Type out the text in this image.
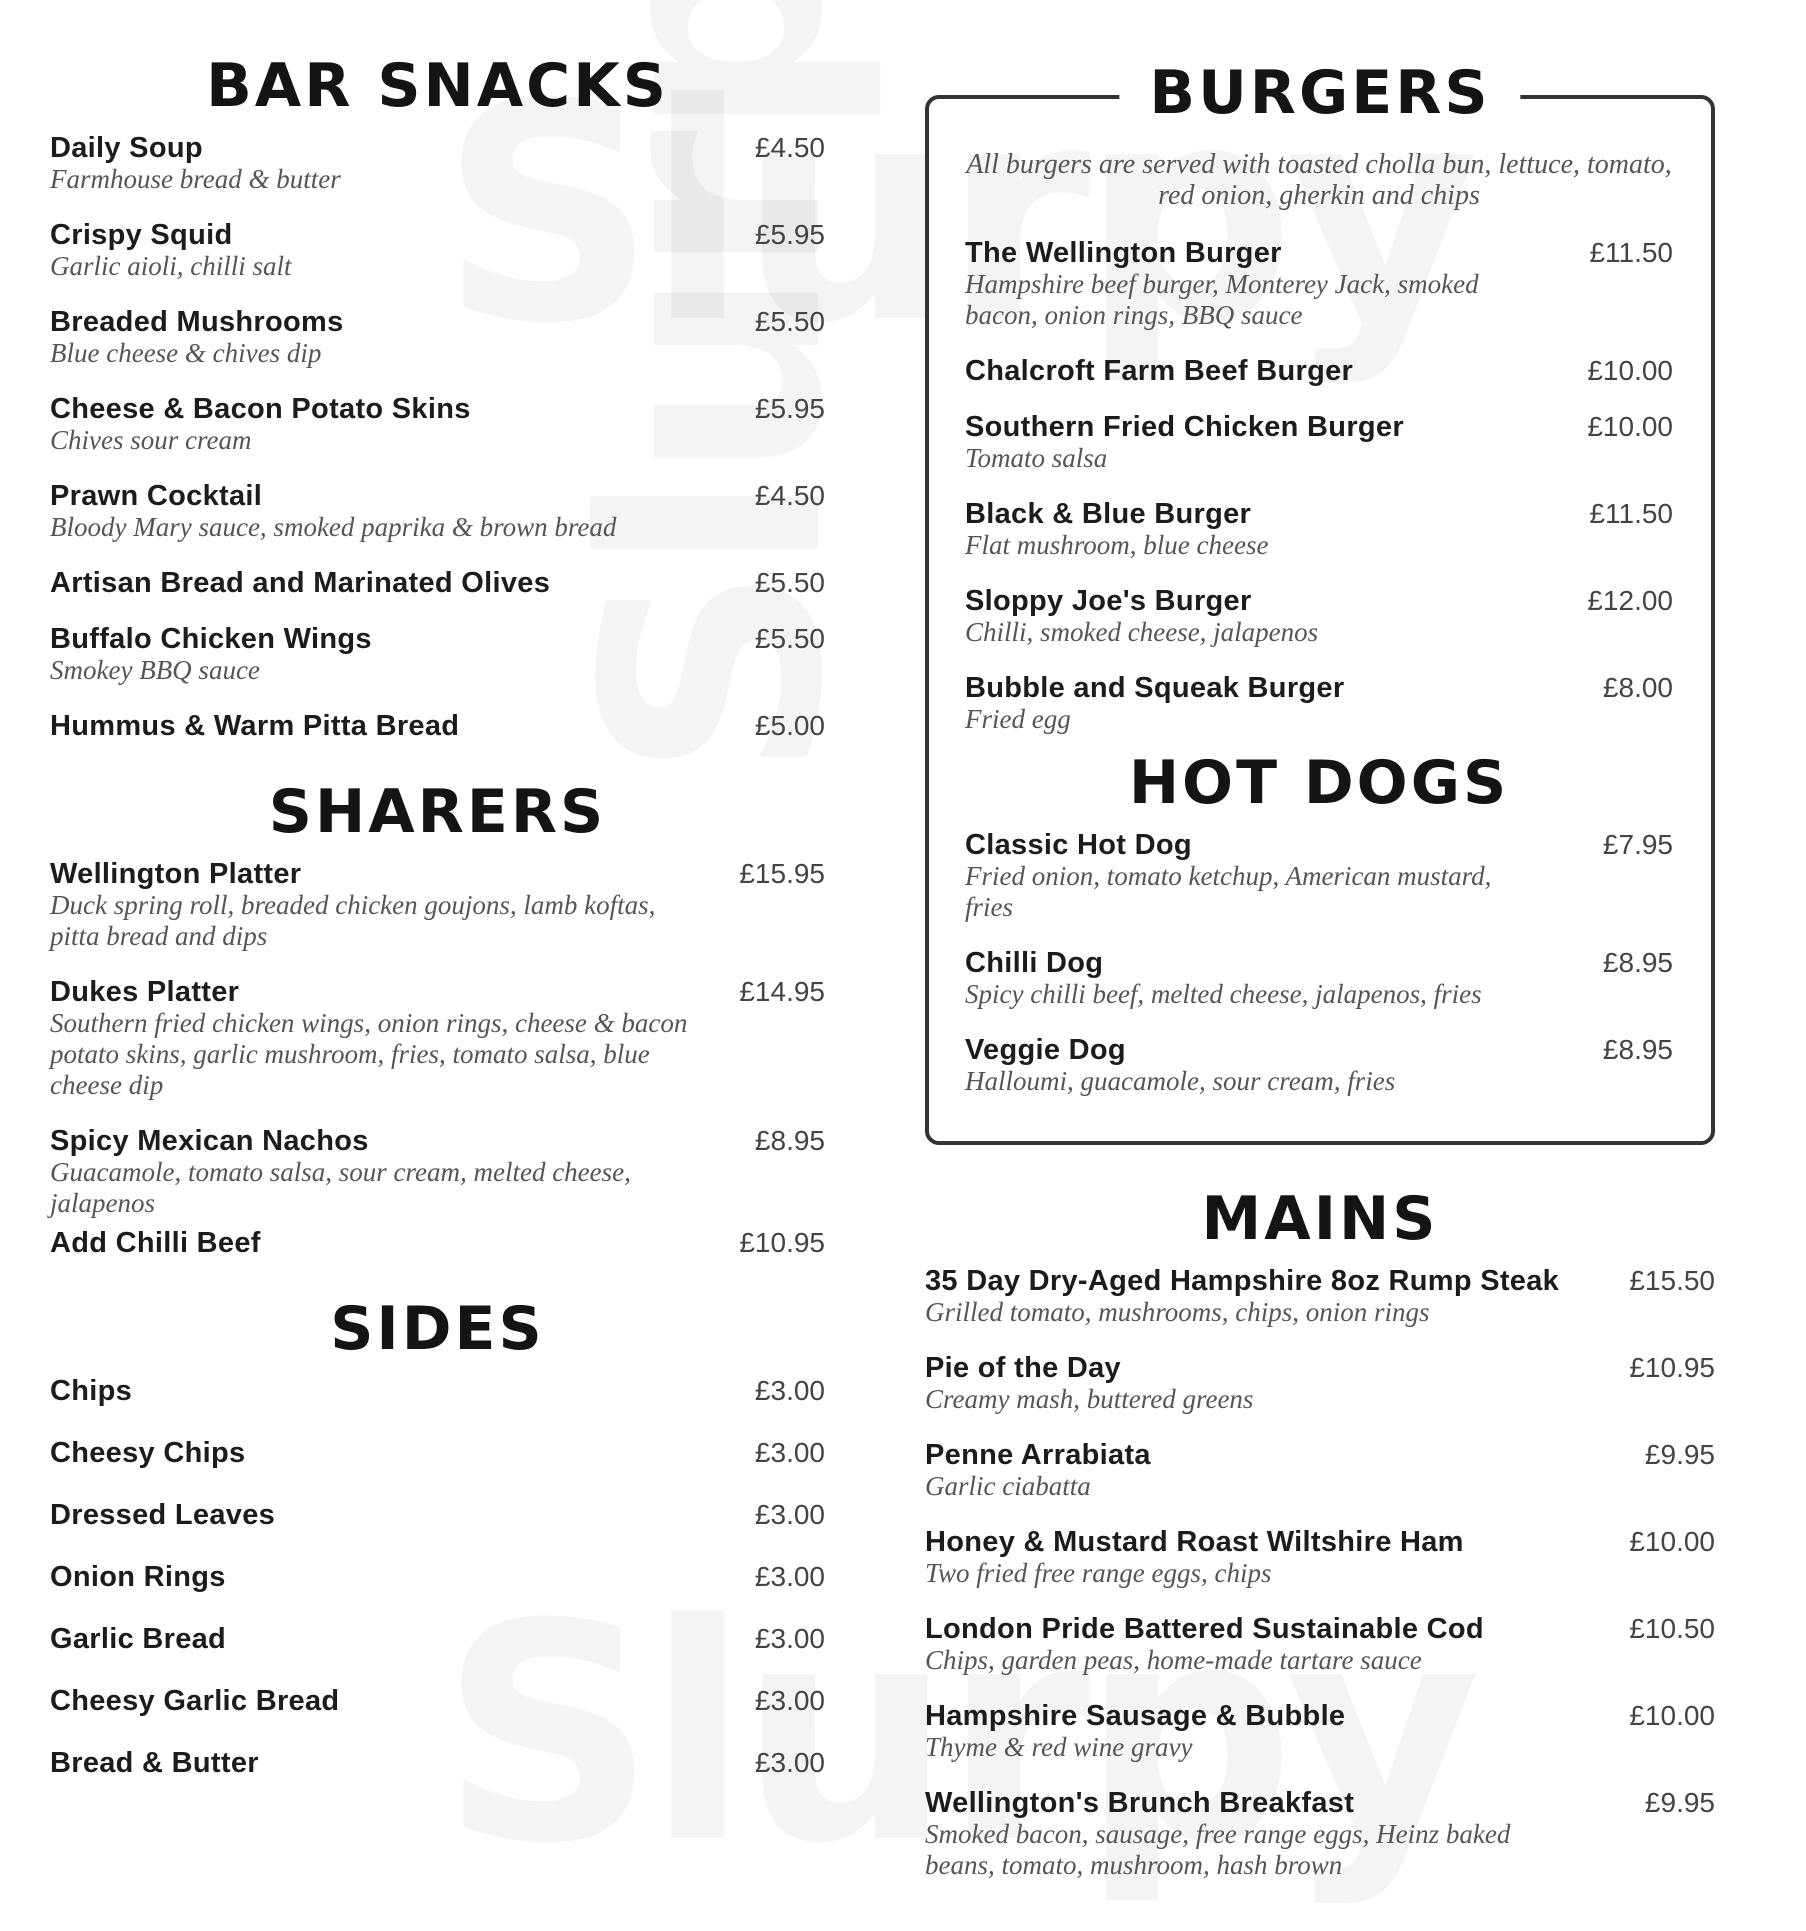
BAR SNACKS
Daily Soup	£4.50
Farmhouse bread & butter
Crispy Squid	£5.95
Garlic aioli, chilli salt
Breaded Mushrooms	£5.50
Blue cheese & chives dip
Cheese & Bacon Potato Skins	£5.95
Chives sour cream
Prawn Cocktail	£4.50
Bloody Mary sauce, smoked paprika & brown bread
Artisan Bread and Marinated Olives	£5.50
Buffalo Chicken Wings	£5.50
Smokey BBQ sauce
Hummus & Warm Pitta Bread	£5.00
SHARERS
Wellington Platter	£15.95
Duck spring roll, breaded chicken goujons, lamb koftas, pitta bread and dips
Dukes Platter	£14.95
Southern fried chicken wings, onion rings, cheese & bacon potato skins, garlic mushroom, fries, tomato salsa, blue cheese dip
Spicy Mexican Nachos	£8.95
Guacamole, tomato salsa, sour cream, melted cheese, jalapenos
Add Chilli Beef	£10.95
SIDES
Chips	£3.00
Cheesy Chips	£3.00
Dressed Leaves	£3.00
Onion Rings	£3.00
Garlic Bread	£3.00
Cheesy Garlic Bread	£3.00
Bread & Butter	£3.00
BURGERS
All burgers are served with toasted cholla bun, lettuce, tomato, red onion, gherkin and chips
The Wellington Burger	£11.50
Hampshire beef burger, Monterey Jack, smoked bacon, onion rings, BBQ sauce
Chalcroft Farm Beef Burger	£10.00
Southern Fried Chicken Burger	£10.00
Tomato salsa
Black & Blue Burger	£11.50
Flat mushroom, blue cheese
Sloppy Joe's Burger	£12.00
Chilli, smoked cheese, jalapenos
Bubble and Squeak Burger	£8.00
Fried egg
HOT DOGS
Classic Hot Dog	£7.95
Fried onion, tomato ketchup, American mustard, fries
Chilli Dog	£8.95
Spicy chilli beef, melted cheese, jalapenos, fries
Veggie Dog	£8.95
Halloumi, guacamole, sour cream, fries
MAINS
35 Day Dry-Aged Hampshire 8oz Rump Steak	£15.50
Grilled tomato, mushrooms, chips, onion rings
Pie of the Day	£10.95
Creamy mash, buttered greens
Penne Arrabiata	£9.95
Garlic ciabatta
Honey & Mustard Roast Wiltshire Ham	£10.00
Two fried free range eggs, chips
London Pride Battered Sustainable Cod	£10.50
Chips, garden peas, home-made tartare sauce
Hampshire Sausage & Bubble	£10.00
Thyme & red wine gravy
Wellington's Brunch Breakfast	£9.95
Smoked bacon, sausage, free range eggs, Heinz baked beans, tomato, mushroom, hash brown
